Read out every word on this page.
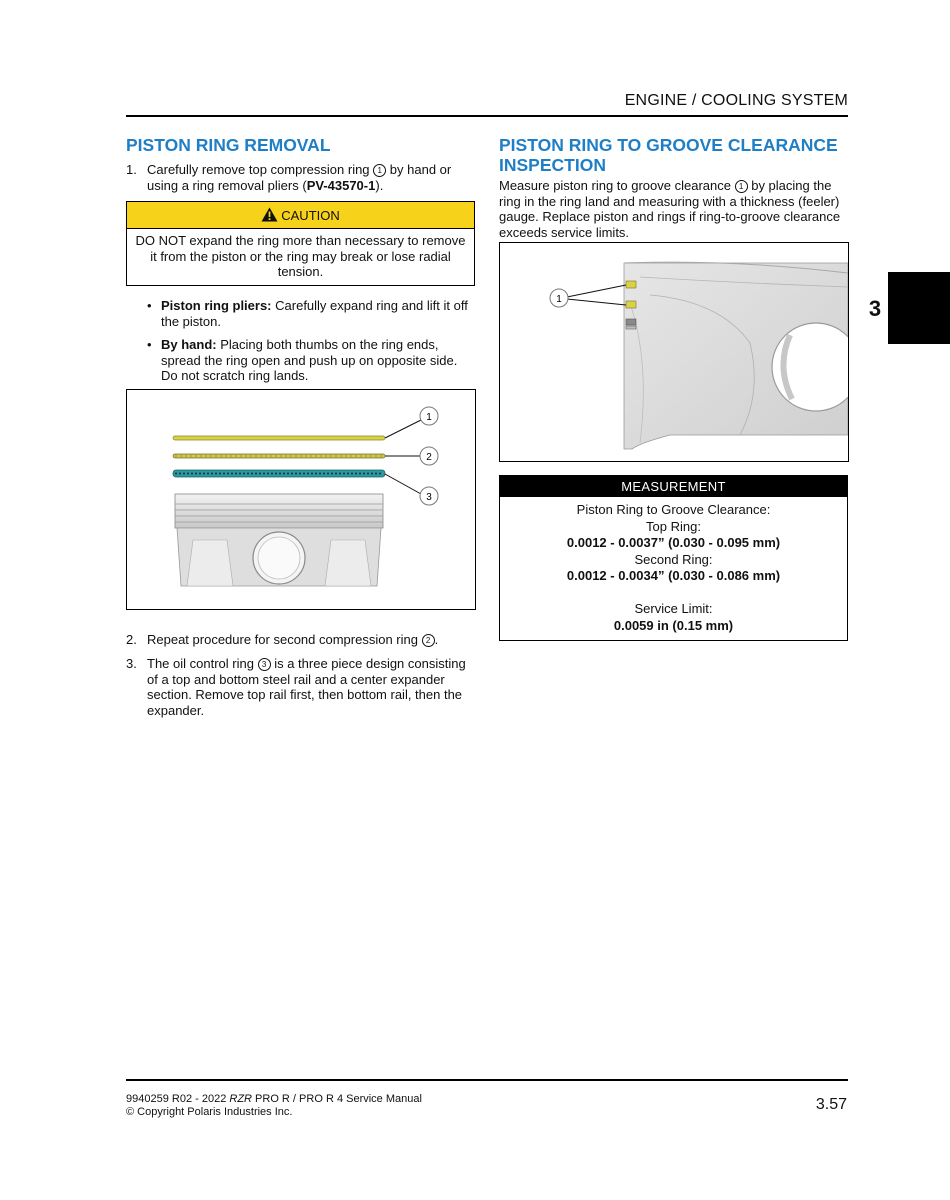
ENGINE / COOLING SYSTEM
3
PISTON RING REMOVAL
1. Carefully remove top compression ring 1 by hand or using a ring removal pliers (PV-43570-1).
CAUTION
DO NOT expand the ring more than necessary to remove it from the piston or the ring may break or lose radial tension.
• Piston ring pliers: Carefully expand ring and lift it off the piston.
• By hand: Placing both thumbs on the ring ends, spread the ring open and push up on opposite side. Do not scratch ring lands.
1
2
3
2. Repeat procedure for second compression ring 2 .
3. The oil control ring 3 is a three piece design consisting of a top and bottom steel rail and a center expander section. Remove top rail first, then bottom rail, then the expander.
PISTON RING TO GROOVE CLEARANCE INSPECTION
Measure piston ring to groove clearance 1 by placing the ring in the ring land and measuring with a thickness (feeler) gauge. Replace piston and rings if ring-to-groove clearance exceeds service limits.
1
MEASUREMENT
Piston Ring to Groove Clearance:
Top Ring:
0.0012 - 0.0037” (0.030 - 0.095 mm)
Second Ring:
0.0012 - 0.0034” (0.030 - 0.086 mm)
Service Limit:
0.0059 in (0.15 mm)
9940259 R02 - 2022 RZR PRO R / PRO R 4 Service Manual
© Copyright Polaris Industries Inc.	3.57
